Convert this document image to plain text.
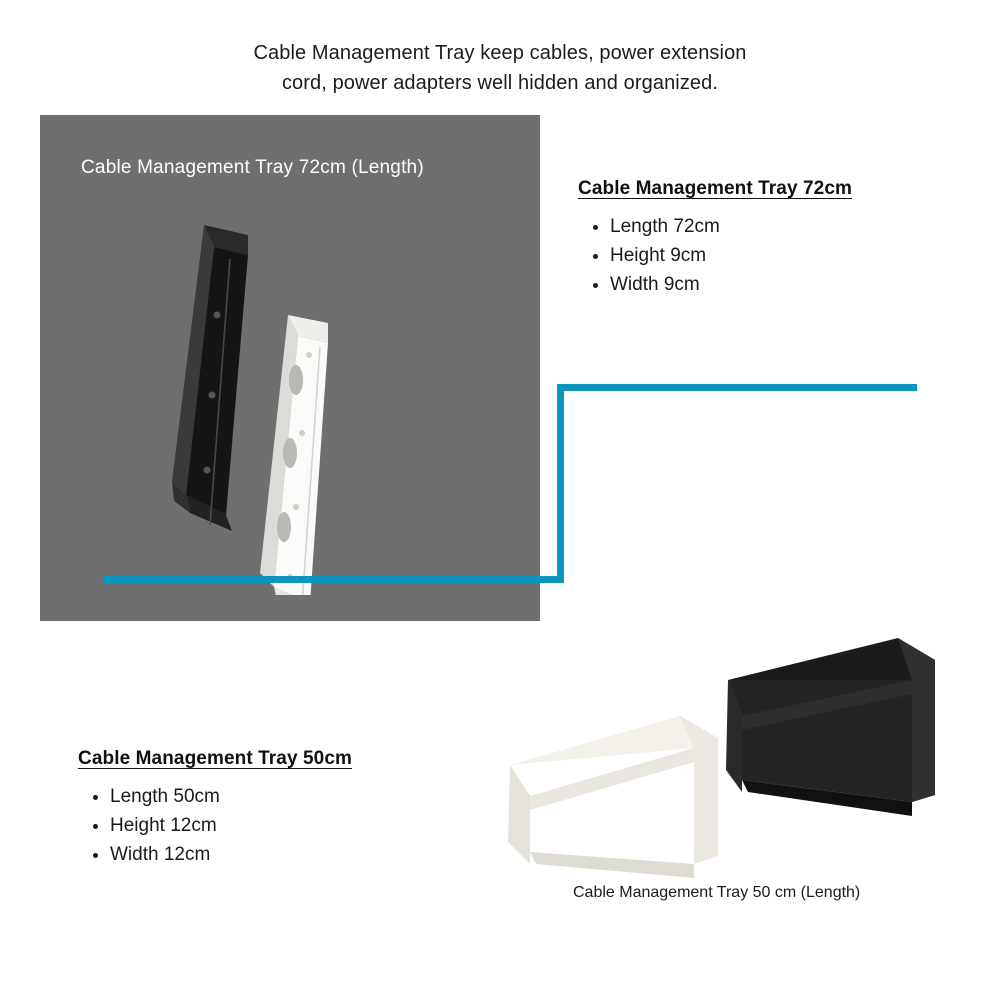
Cable Management Tray keep cables, power extension
cord, power adapters well hidden and organized.
Cable Management Tray 72cm (Length)
Cable Management Tray 72cm
• Length 72cm
• Height 9cm
• Width 9cm
Cable Management Tray 50cm
• Length 50cm
• Height 12cm
• Width 12cm
Cable Management Tray 50 cm (Length)
